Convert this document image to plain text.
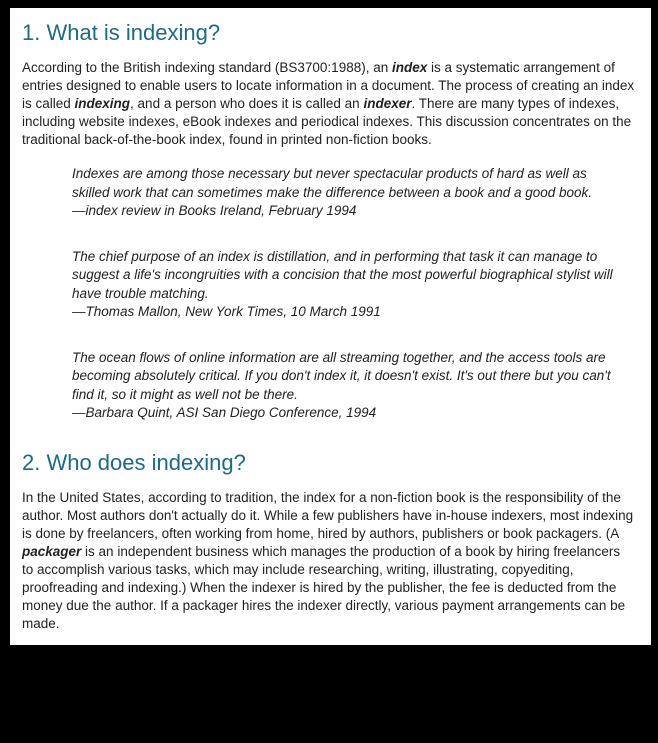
1. What is indexing?

According to the British indexing standard (BS3700:1988), an index is a systematic arrangement of entries designed to enable users to locate information in a document. The process of creating an index is called indexing, and a person who does it is called an indexer. There are many types of indexes, including website indexes, eBook indexes and periodical indexes. This discussion concentrates on the traditional back-of-the-book index, found in printed non-fiction books.

Indexes are among those necessary but never spectacular products of hard as well as skilled work that can sometimes make the difference between a book and a good book.
—index review in Books Ireland, February 1994
The chief purpose of an index is distillation, and in performing that task it can manage to suggest a life's incongruities with a concision that the most powerful biographical stylist will have trouble matching.
—Thomas Mallon, New York Times, 10 March 1991
The ocean flows of online information are all streaming together, and the access tools are becoming absolutely critical. If you don't index it, it doesn't exist. It's out there but you can't find it, so it might as well not be there.
—Barbara Quint, ASI San Diego Conference, 1994
2. Who does indexing?

In the United States, according to tradition, the index for a non-fiction book is the responsibility of the author. Most authors don't actually do it. While a few publishers have in-house indexers, most indexing is done by freelancers, often working from home, hired by authors, publishers or book packagers. (A packager is an independent business which manages the production of a book by hiring freelancers to accomplish various tasks, which may include researching, writing, illustrating, copyediting, proofreading and indexing.) When the indexer is hired by the publisher, the fee is deducted from the money due the author. If a packager hires the indexer directly, various payment arrangements can be made.
